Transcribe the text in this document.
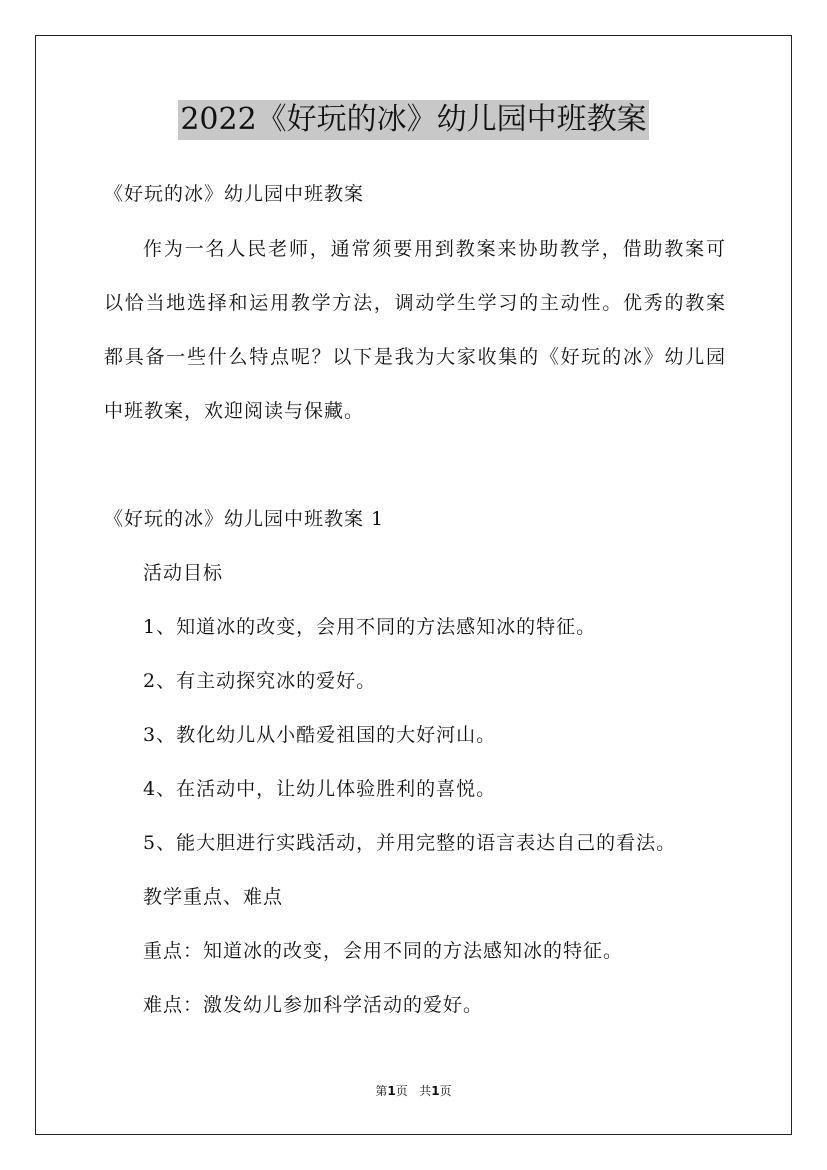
2022《好玩的冰》幼儿园中班教案
《好玩的冰》幼儿园中班教案
作为一名人民老师，通常须要用到教案来协助教学，借助教案可
以恰当地选择和运用教学方法，调动学生学习的主动性。优秀的教案
都具备一些什么特点呢？以下是我为大家收集的《好玩的冰》幼儿园
中班教案，欢迎阅读与保藏。
《好玩的冰》幼儿园中班教案 1
活动目标
1、知道冰的改变，会用不同的方法感知冰的特征。
2、有主动探究冰的爱好。
3、教化幼儿从小酷爱祖国的大好河山。
4、在活动中，让幼儿体验胜利的喜悦。
5、能大胆进行实践活动，并用完整的语言表达自己的看法。
教学重点、难点
重点：知道冰的改变，会用不同的方法感知冰的特征。
难点：激发幼儿参加科学活动的爱好。
第1页 共1页
